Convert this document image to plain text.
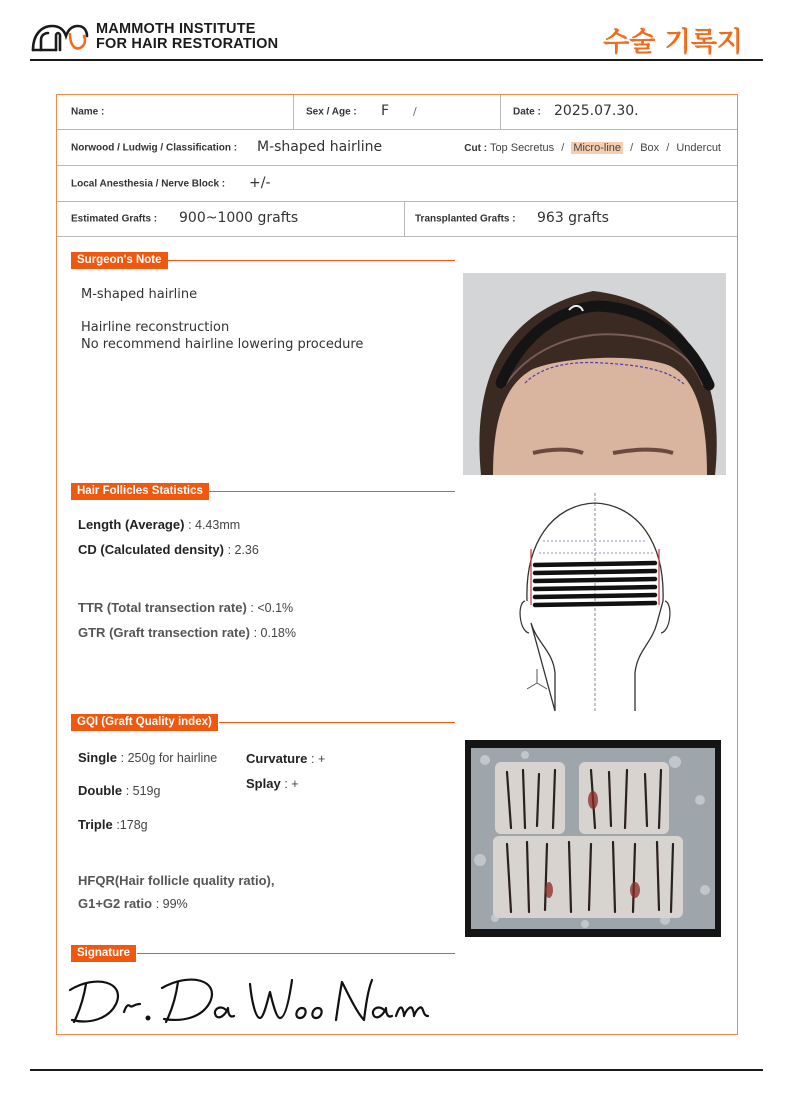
MAMMOTH INSTITUTE
FOR HAIR RESTORATION	수술 기록지
Name :	Sex / Age : F /	Date : 2025.07.30.
Norwood / Ludwig / Classification : M-shaped hairline	Cut : Top Secretus / Micro-line / Box / Undercut
Local Anesthesia / Nerve Block : +/-
Estimated Grafts : 900~1000 grafts	Transplanted Grafts : 963 grafts
Surgeon's Note
M-shaped hairline
Hairline reconstruction
No recommend hairline lowering procedure
Hair Follicles Statistics
Length (Average) : 4.43mm
CD (Calculated density) : 2.36
TTR (Total transection rate) : <0.1%
GTR (Graft transection rate) : 0.18%
GQI (Graft Quality index)
Single : 250g for hairline Curvature : +
Splay : +
Double : 519g
Triple :178g
HFQR(Hair follicle quality ratio),
G1+G2 ratio : 99%
Signature
